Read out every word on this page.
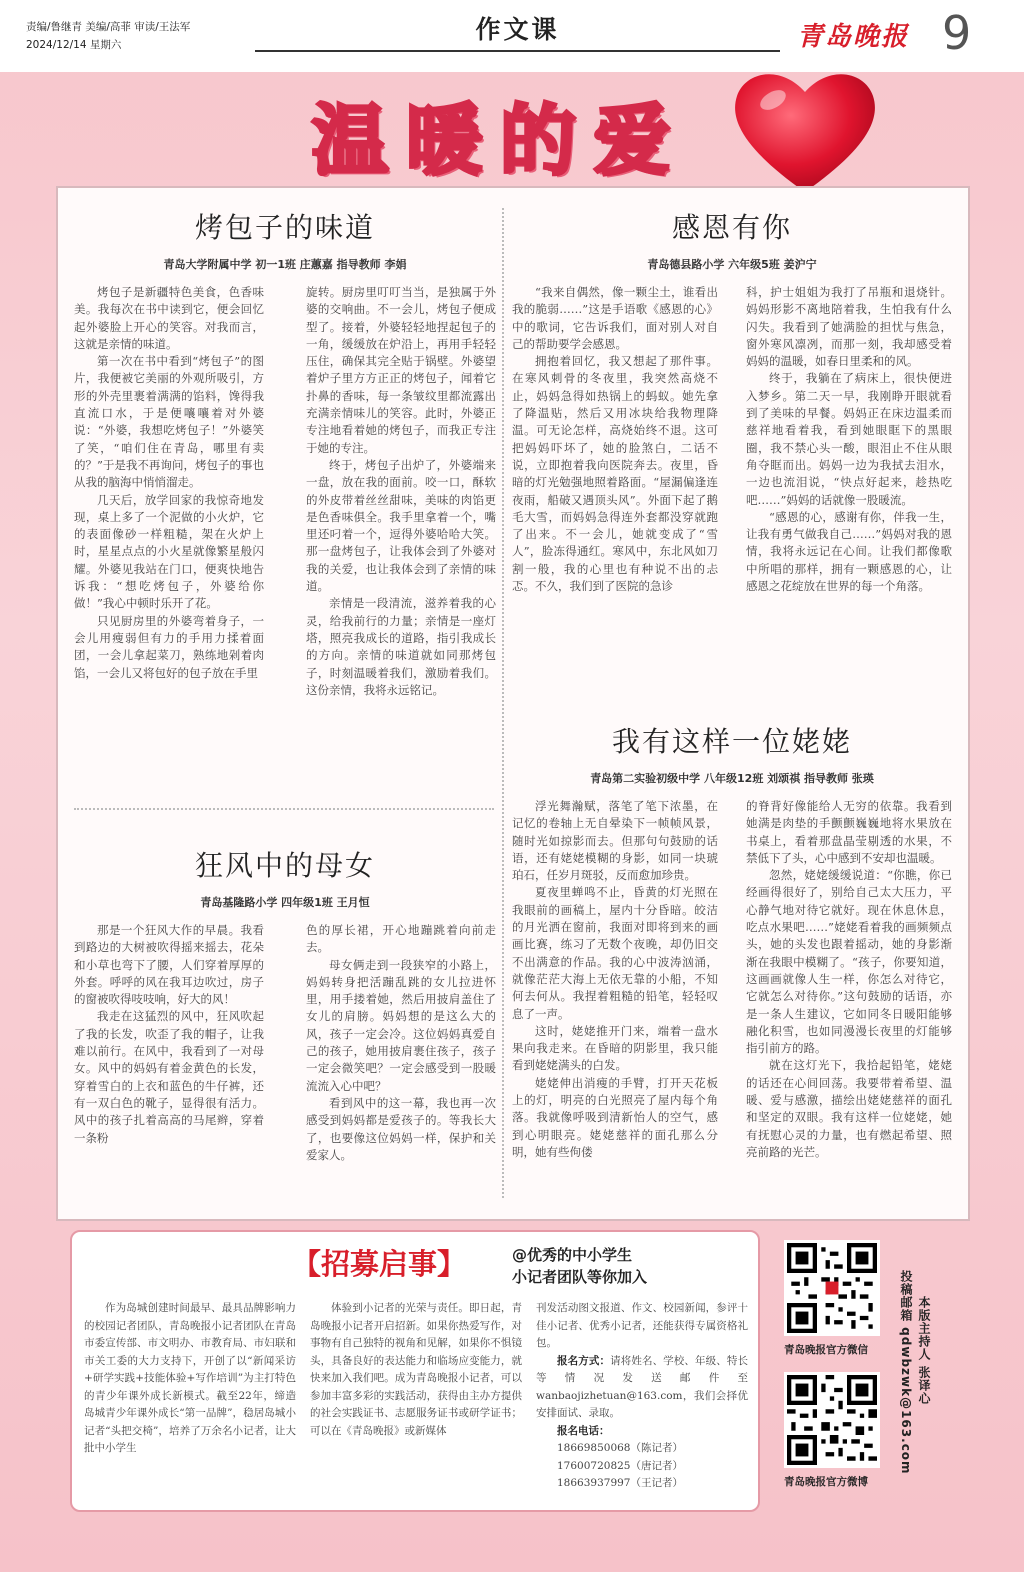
责编/鲁继青 美编/高菲 审读/王法军
2024/12/14 星期六
作文课	青岛晚报 9
温暖的爱
烤包子的味道
青岛大学附属中学 初一1班 庄蕙嘉 指导教师 李娟

烤包子是新疆特色美食，色香味美。我每次在书中读到它，便会回忆起外婆脸上开心的笑容。对我而言，这就是亲情的味道。

第一次在书中看到“烤包子”的图片，我便被它美丽的外观所吸引，方形的外壳里裹着满满的馅料，馋得我直流口水，于是便嚷嚷着对外婆说：“外婆，我想吃烤包子！”外婆笑了笑，“咱们住在青岛，哪里有卖的？”于是我不再询问，烤包子的事也从我的脑海中悄悄溜走。

几天后，放学回家的我惊奇地发现，桌上多了一个泥做的小火炉，它的表面像砂一样粗糙，架在火炉上时，星星点点的小火星就像繁星般闪耀。外婆见我站在门口，便爽快地告诉我：“想吃烤包子，外婆给你做！”我心中顿时乐开了花。

只见厨房里的外婆弯着身子，一会儿用瘦弱但有力的手用力揉着面团，一会儿拿起菜刀，熟练地剁着肉馅，一会儿又将包好的包子放在手里

旋转。厨房里叮叮当当，是独属于外婆的交响曲。不一会儿，烤包子便成型了。接着，外婆轻轻地捏起包子的一角，缓缓放在炉沿上，再用手轻轻压住，确保其完全贴于锅壁。外婆望着炉子里方方正正的烤包子，闻着它扑鼻的香味，每一条皱纹里都流露出充满亲情味儿的笑容。此时，外婆正专注地看着她的烤包子，而我正专注于她的专注。

终于，烤包子出炉了，外婆端来一盘，放在我的面前。咬一口，酥软的外皮带着丝丝甜味，美味的肉馅更是色香味俱全。我手里拿着一个，嘴里还叼着一个，逗得外婆哈哈大笑。那一盘烤包子，让我体会到了外婆对我的关爱，也让我体会到了亲情的味道。

亲情是一段清流，滋养着我的心灵，给我前行的力量；亲情是一座灯塔，照亮我成长的道路，指引我成长的方向。亲情的味道就如同那烤包子，时刻温暖着我们，激励着我们。这份亲情，我将永远铭记。

感恩有你
青岛德县路小学 六年级5班 姜沪宁

“我来自偶然，像一颗尘土，谁看出我的脆弱……”这是手语歌《感恩的心》中的歌词，它告诉我们，面对别人对自己的帮助要学会感恩。

拥抱着回忆，我又想起了那件事。在寒风刺骨的冬夜里，我突然高烧不止，妈妈急得如热锅上的蚂蚁。她先拿了降温贴，然后又用冰块给我物理降温。可无论怎样，高烧始终不退。这可把妈妈吓坏了，她的脸煞白，二话不说，立即抱着我向医院奔去。夜里，昏暗的灯光勉强地照着路面。“屋漏偏逢连夜雨，船破又遇顶头风”。外面下起了鹅毛大雪，而妈妈急得连外套都没穿就跑了出来。不一会儿，她就变成了“雪人”，脸冻得通红。寒风中，东北风如刀割一般，我的心里也有种说不出的忐忑。不久，我们到了医院的急诊

科，护士姐姐为我打了吊瓶和退烧针。妈妈形影不离地陪着我，生怕我有什么闪失。我看到了她满脸的担忧与焦急，窗外寒风凛冽，而那一刻，我却感受着妈妈的温暖，如春日里柔和的风。

终于，我躺在了病床上，很快便进入梦乡。第二天一早，我刚睁开眼就看到了美味的早餐。妈妈正在床边温柔而慈祥地看着我，看到她眼眶下的黑眼圈，我不禁心头一酸，眼泪止不住从眼角夺眶而出。妈妈一边为我拭去泪水，一边也流泪说，“快点好起来，趁热吃吧……”妈妈的话就像一股暖流。

“感恩的心，感谢有你，伴我一生，让我有勇气做我自己……”妈妈对我的恩情，我将永远记在心间。让我们都像歌中所唱的那样，拥有一颗感恩的心，让感恩之花绽放在世界的每一个角落。

狂风中的母女
青岛基隆路小学 四年级1班 王月恒

那是一个狂风大作的早晨。我看到路边的大树被吹得摇来摇去，花朵和小草也弯下了腰，人们穿着厚厚的外套。呼呼的风在我耳边吹过，房子的窗被吹得吱吱响，好大的风！

我走在这猛烈的风中，狂风吹起了我的长发，吹歪了我的帽子，让我难以前行。在风中，我看到了一对母女。风中的妈妈有着金黄色的长发，穿着雪白的上衣和蓝色的牛仔裤，还有一双白色的靴子，显得很有活力。风中的孩子扎着高高的马尾辫，穿着一条粉

色的厚长裙，开心地蹦跳着向前走去。

母女俩走到一段狭窄的小路上，妈妈转身把活蹦乱跳的女儿拉进怀里，用手搂着她，然后用披肩盖住了女儿的肩膀。妈妈想的是这么大的风，孩子一定会冷。这位妈妈真爱自己的孩子，她用披肩裹住孩子，孩子一定会微笑吧？一定会感受到一股暖流流入心中吧？

看到风中的这一幕，我也再一次感受到妈妈都是爱孩子的。等我长大了，也要像这位妈妈一样，保护和关爱家人。

我有这样一位姥姥
青岛第二实验初级中学 八年级12班 刘颂祺 指导教师 张瑛

浮光舞瀚赋，落笔了笔下浓墨，在记忆的卷轴上无自晕染下一帧帧风景，随时光如掠影而去。但那句句鼓励的话语，还有姥姥模糊的身影，如同一块琥珀石，任岁月斑驳，反而愈加珍贵。

夏夜里蝉鸣不止，昏黄的灯光照在我眼前的画稿上，屋内十分昏暗。皎洁的月光洒在窗前，我面对即将到来的画画比赛，练习了无数个夜晚，却仍旧交不出满意的作品。我的心中波涛汹涌，就像茫茫大海上无依无靠的小船，不知何去何从。我捏着粗糙的铅笔，轻轻叹息了一声。

这时，姥姥推开门来，端着一盘水果向我走来。在昏暗的阴影里，我只能看到姥姥满头的白发。

姥姥伸出消瘦的手臂，打开天花板上的灯，明亮的白光照亮了屋内每个角落。我就像呼吸到清新怡人的空气，感到心明眼亮。姥姥慈祥的面孔那么分明，她有些佝偻

的脊背好像能给人无穷的依靠。我看到她满是肉垫的手颤颤巍巍地将水果放在书桌上，看着那盘晶莹剔透的水果，不禁低下了头，心中感到不安却也温暖。

忽然，姥姥缓缓说道：“你瞧，你已经画得很好了，别给自己太大压力，平心静气地对待它就好。现在休息休息，吃点水果吧……”姥姥看着我的画频频点头，她的头发也跟着摇动，她的身影渐渐在我眼中模糊了。“孩子，你要知道，这画画就像人生一样，你怎么对待它，它就怎么对待你。”这句鼓励的话语，亦是一条人生建议，它如同冬日暖阳能够融化积雪，也如同漫漫长夜里的灯能够指引前方的路。

就在这灯光下，我拾起铅笔，姥姥的话还在心间回荡。我要带着希望、温暖、爱与感激，描绘出姥姥慈祥的面孔和坚定的双眼。我有这样一位姥姥，她有抚慰心灵的力量，也有燃起希望、照亮前路的光芒。

【招募启事】	@优秀的中小学生
小记者团队等你加入

作为岛城创建时间最早、最具品牌影响力的校园记者团队，青岛晚报小记者团队在青岛市委宣传部、市文明办、市教育局、市妇联和市关工委的大力支持下，开创了以“新闻采访+研学实践+技能体验+写作培训”为主打特色的青少年课外成长新模式。截至22年，缔造岛城青少年课外成长“第一品牌”，稳居岛城小记者“头把交椅”，培养了万余名小记者，让大批中小学生

体验到小记者的光荣与责任。即日起，青岛晚报小记者开启招新。如果你热爱写作，对事物有自己独特的视角和见解，如果你不惧镜头，具备良好的表达能力和临场应变能力，就快来加入我们吧。成为青岛晚报小记者，可以参加丰富多彩的实践活动，获得由主办方提供的社会实践证书、志愿服务证书或研学证书；可以在《青岛晚报》或新媒体

刊发活动图文报道、作文、校园新闻，参评十佳小记者、优秀小记者，还能获得专属资格礼包。

报名方式：请将姓名、学校、年级、特长等情况发送邮件至wanbaojizhetuan@163.com，我们会择优安排面试、录取。

报名电话：

18669850068（陈记者）

17600720825（唐记者）

18663937997（王记者）

青岛晚报官方微信
青岛晚报官方微博
本版主持人 张译心
投稿邮箱 qdwbzwk@163.com
